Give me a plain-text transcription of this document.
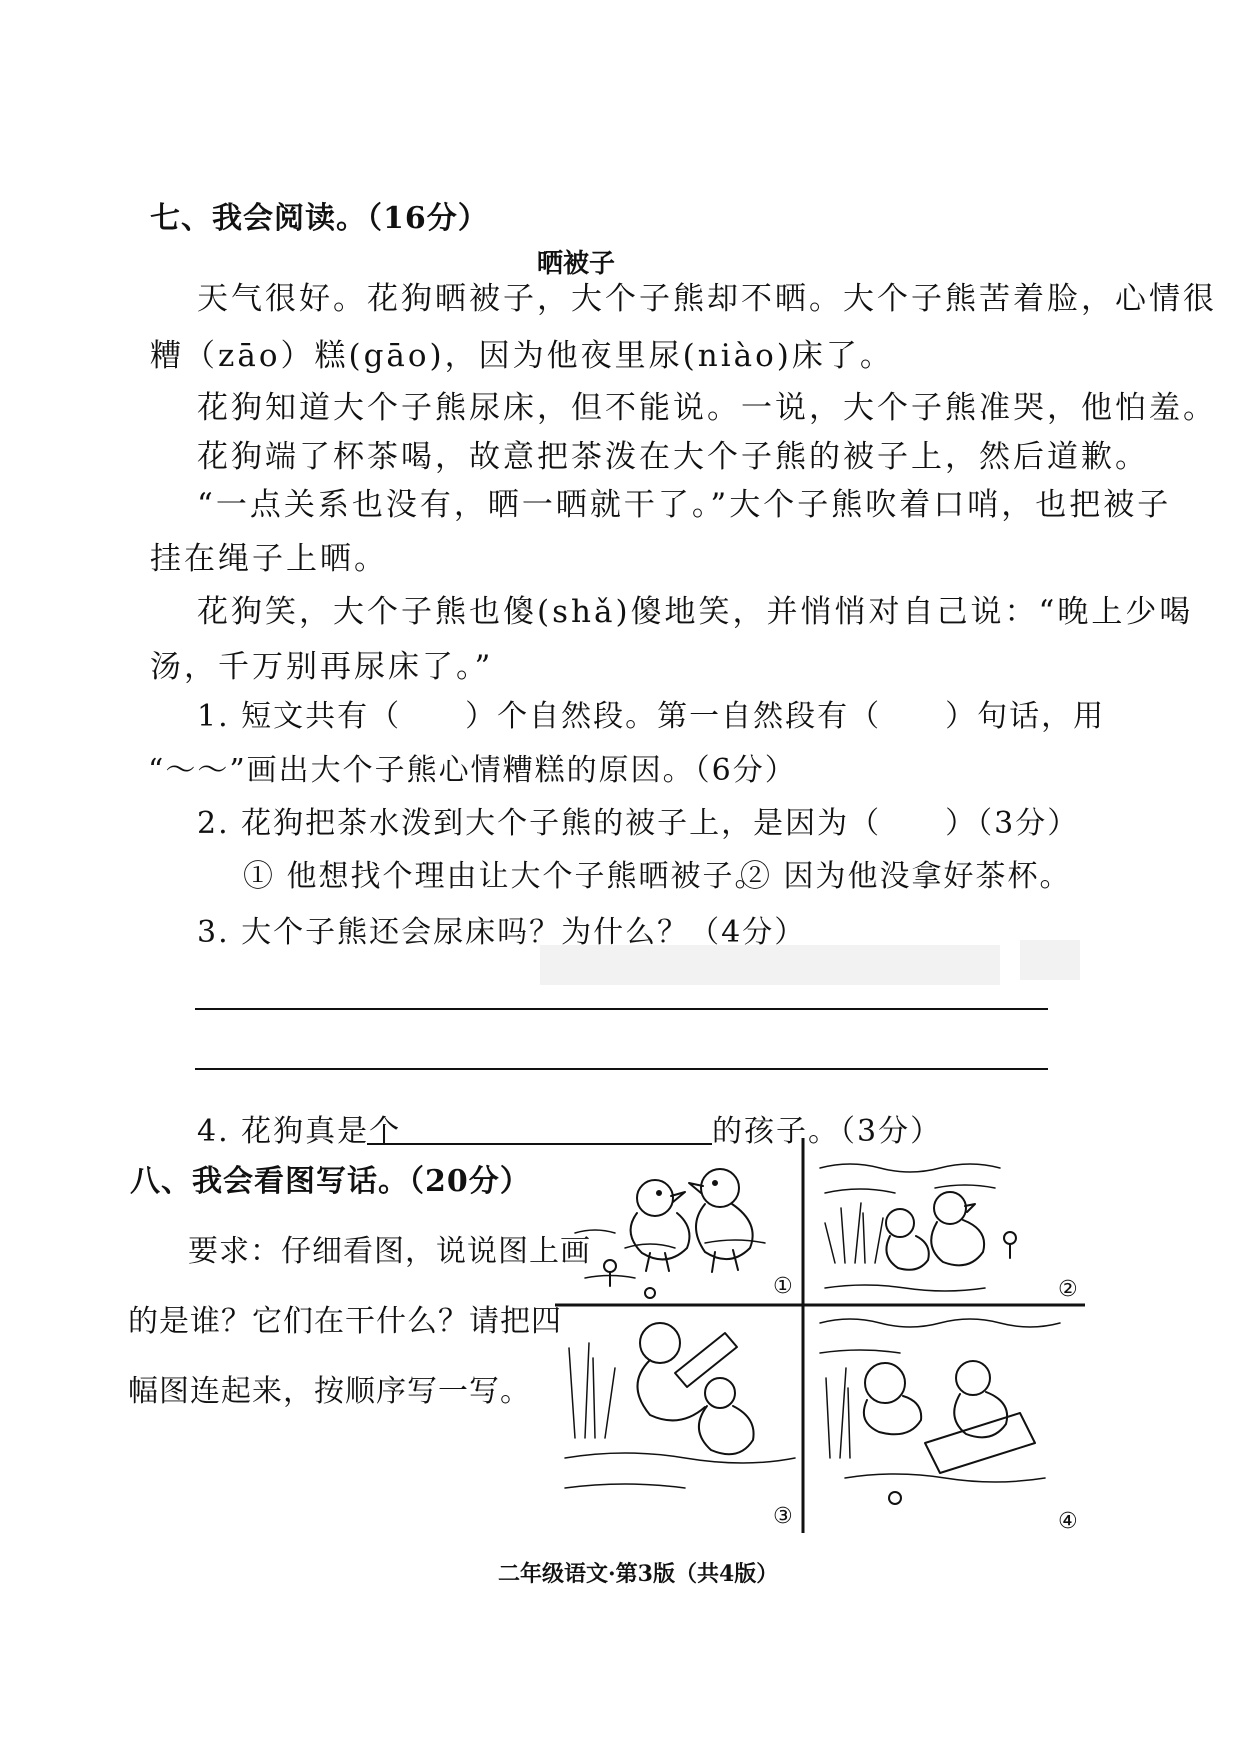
七、我会阅读。（16分）
晒被子
天气很好。花狗晒被子，大个子熊却不晒。大个子熊苦着脸，心情很
糟（zāo）糕(gāo)，因为他夜里尿(niào)床了。
花狗知道大个子熊尿床，但不能说。一说，大个子熊准哭，他怕羞。
花狗端了杯茶喝，故意把茶泼在大个子熊的被子上，然后道歉。
“一点关系也没有，晒一晒就干了。”大个子熊吹着口哨，也把被子
挂在绳子上晒。
花狗笑，大个子熊也傻(shǎ)傻地笑，并悄悄对自己说：“晚上少喝
汤，千万别再尿床了。”
1. 短文共有（　　）个自然段。第一自然段有（　　）句话，用
“～～”画出大个子熊心情糟糕的原因。（6分）
2. 花狗把茶水泼到大个子熊的被子上，是因为（　　）（3分）
① 他想找个理由让大个子熊晒被子。
② 因为他没拿好茶杯。
3. 大个子熊还会尿床吗？为什么？（4分）
4. 花狗真是个	的孩子。（3分）
八、我会看图写话。（20分）
要求：仔细看图，说说图上画
的是谁？它们在干什么？请把四
幅图连起来，按顺序写一写。
①	②
③	④
二年级语文·第3版（共4版）
